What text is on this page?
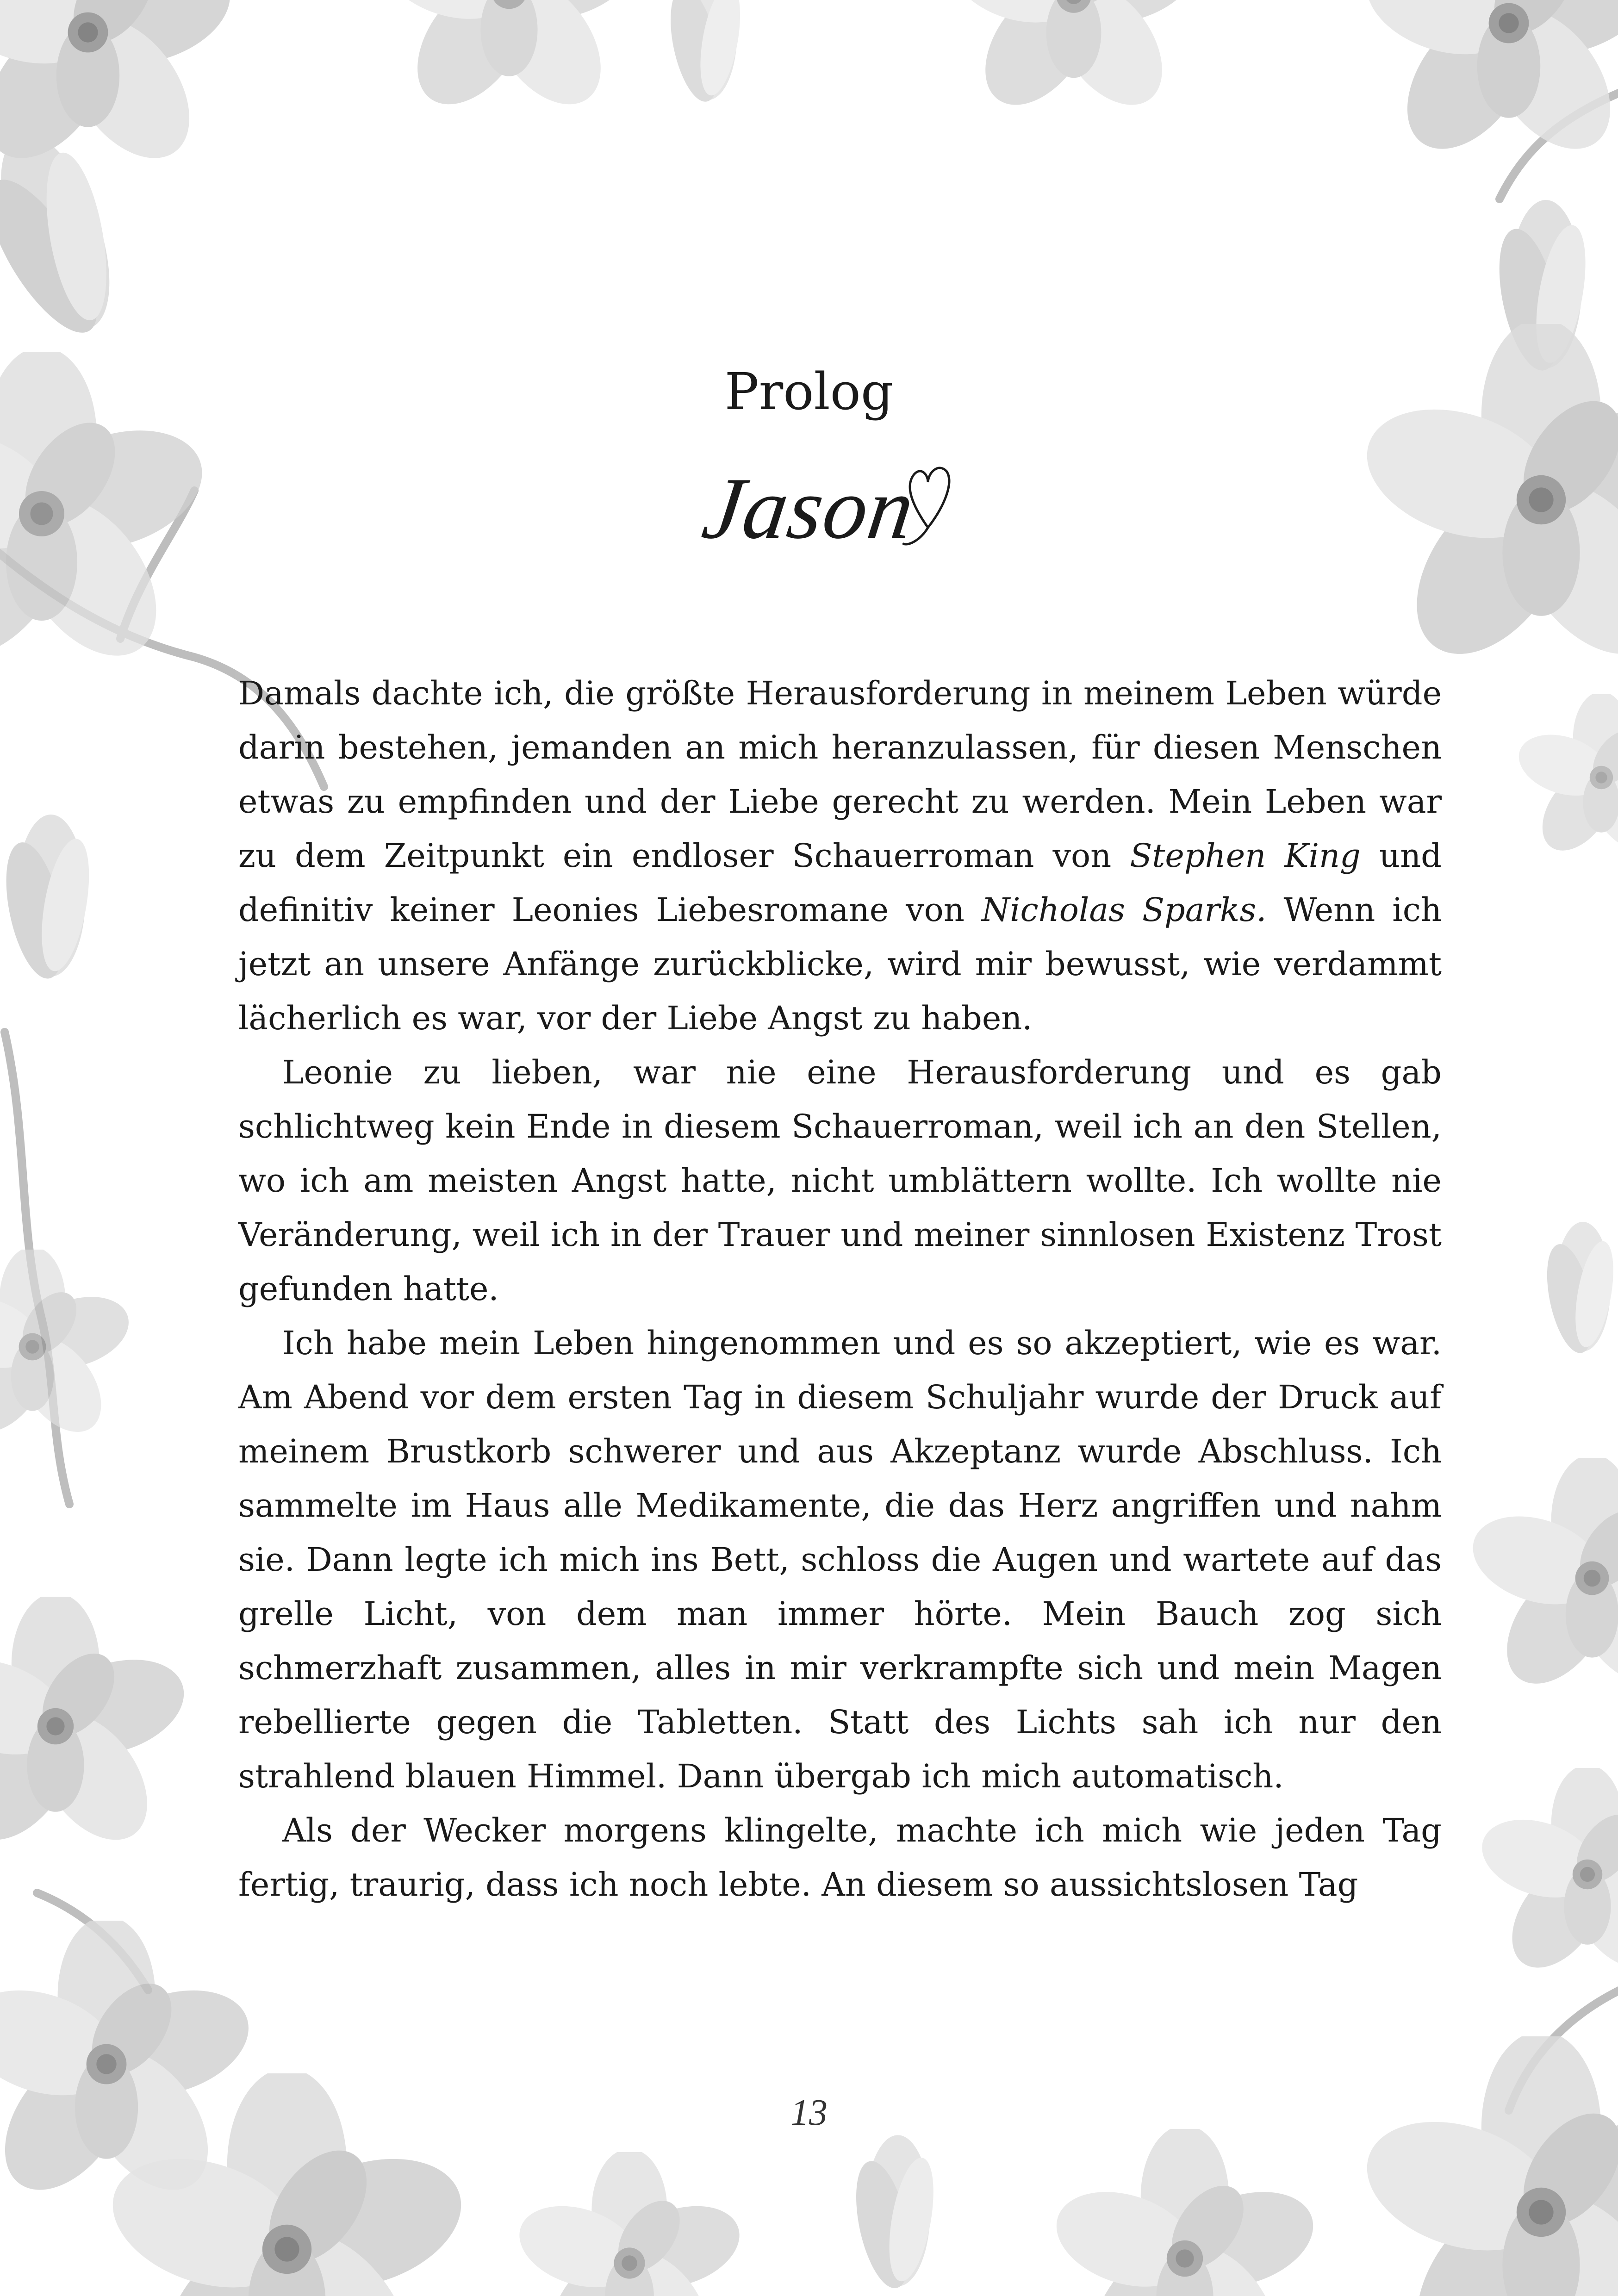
Prolog
Jason

Damals dachte ich, die größte Herausforderung in meinem Leben würde darin bestehen, jemanden an mich heranzulassen, für diesen Menschen etwas zu empfinden und der Liebe gerecht zu werden. Mein Leben war zu dem Zeitpunkt ein endloser Schauerroman von Stephen King und definitiv keiner Leonies Liebesromane von Nicholas Sparks. Wenn ich jetzt an unsere Anfänge zurückblicke, wird mir bewusst, wie verdammt lächerlich es war, vor der Liebe Angst zu haben.

Leonie zu lieben, war nie eine Herausforderung und es gab schlichtweg kein Ende in diesem Schauerroman, weil ich an den Stellen, wo ich am meisten Angst hatte, nicht umblättern wollte. Ich wollte nie Veränderung, weil ich in der Trauer und meiner sinnlosen Existenz Trost gefunden hatte.

Ich habe mein Leben hingenommen und es so akzeptiert, wie es war. Am Abend vor dem ersten Tag in diesem Schuljahr wurde der Druck auf meinem Brustkorb schwerer und aus Akzeptanz wurde Abschluss. Ich sammelte im Haus alle Medikamente, die das Herz angriffen und nahm sie. Dann legte ich mich ins Bett, schloss die Augen und wartete auf das grelle Licht, von dem man immer hörte. Mein Bauch zog sich schmerzhaft zusammen, alles in mir verkrampfte sich und mein Magen rebellierte gegen die Tabletten. Statt des Lichts sah ich nur den strahlend blauen Himmel. Dann übergab ich mich automatisch.

Als der Wecker morgens klingelte, machte ich mich wie jeden Tag fertig, traurig, dass ich noch lebte. An diesem so aussichtslosen Tag

13
